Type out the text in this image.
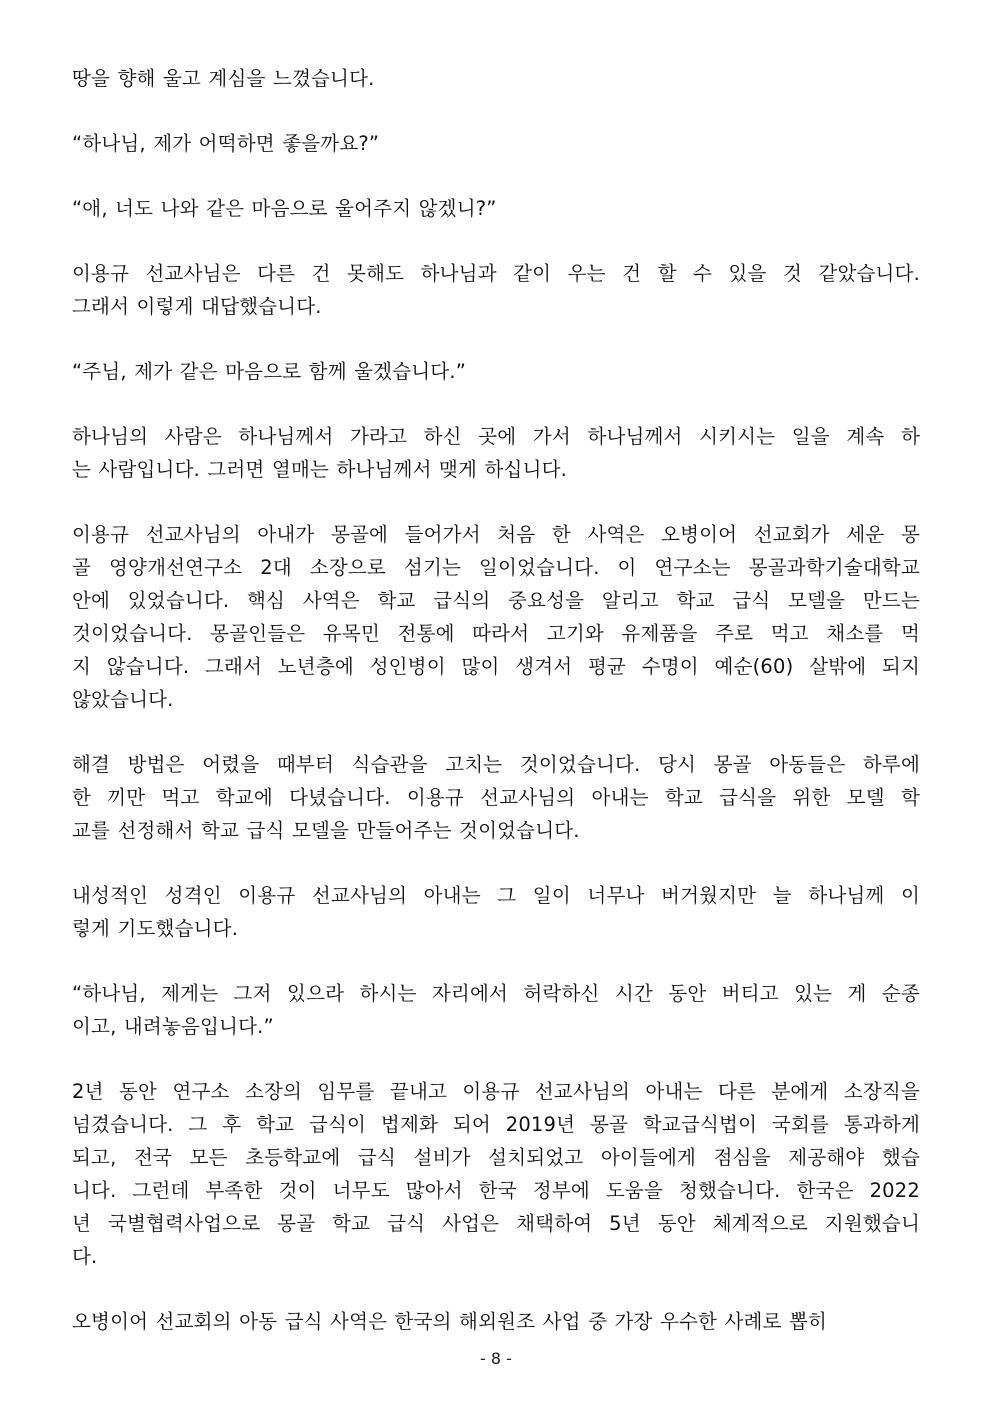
땅을 향해 울고 계심을 느꼈습니다.

“하나님, 제가 어떡하면 좋을까요?”

“애, 너도 나와 같은 마음으로 울어주지 않겠니?”

이용규 선교사님은 다른 건 못해도 하나님과 같이 우는 건 할 수 있을 것 같았습니다.
그래서 이렇게 대답했습니다.

“주님, 제가 같은 마음으로 함께 울겠습니다.”

하나님의 사람은 하나님께서 가라고 하신 곳에 가서 하나님께서 시키시는 일을 계속 하
는 사람입니다. 그러면 열매는 하나님께서 맺게 하십니다.

이용규 선교사님의 아내가 몽골에 들어가서 처음 한 사역은 오병이어 선교회가 세운 몽
골 영양개선연구소 2대 소장으로 섬기는 일이었습니다. 이 연구소는 몽골과학기술대학교
안에 있었습니다. 핵심 사역은 학교 급식의 중요성을 알리고 학교 급식 모델을 만드는
것이었습니다. 몽골인들은 유목민 전통에 따라서 고기와 유제품을 주로 먹고 채소를 먹
지 않습니다. 그래서 노년층에 성인병이 많이 생겨서 평균 수명이 예순(60) 살밖에 되지
않았습니다.

해결 방법은 어렸을 때부터 식습관을 고치는 것이었습니다. 당시 몽골 아동들은 하루에
한 끼만 먹고 학교에 다녔습니다. 이용규 선교사님의 아내는 학교 급식을 위한 모델 학
교를 선정해서 학교 급식 모델을 만들어주는 것이었습니다.

내성적인 성격인 이용규 선교사님의 아내는 그 일이 너무나 버거웠지만 늘 하나님께 이
렇게 기도했습니다.

“하나님, 제게는 그저 있으라 하시는 자리에서 허락하신 시간 동안 버티고 있는 게 순종
이고, 내려놓음입니다.”

2년 동안 연구소 소장의 임무를 끝내고 이용규 선교사님의 아내는 다른 분에게 소장직을
넘겼습니다. 그 후 학교 급식이 법제화 되어 2019년 몽골 학교급식법이 국회를 통과하게
되고, 전국 모든 초등학교에 급식 설비가 설치되었고 아이들에게 점심을 제공해야 했습
니다. 그런데 부족한 것이 너무도 많아서 한국 정부에 도움을 청했습니다. 한국은 2022
년 국별협력사업으로 몽골 학교 급식 사업은 채택하여 5년 동안 체계적으로 지원했습니
다.

오병이어 선교회의 아동 급식 사역은 한국의 해외원조 사업 중 가장 우수한 사례로 뽑히

- 8 -
